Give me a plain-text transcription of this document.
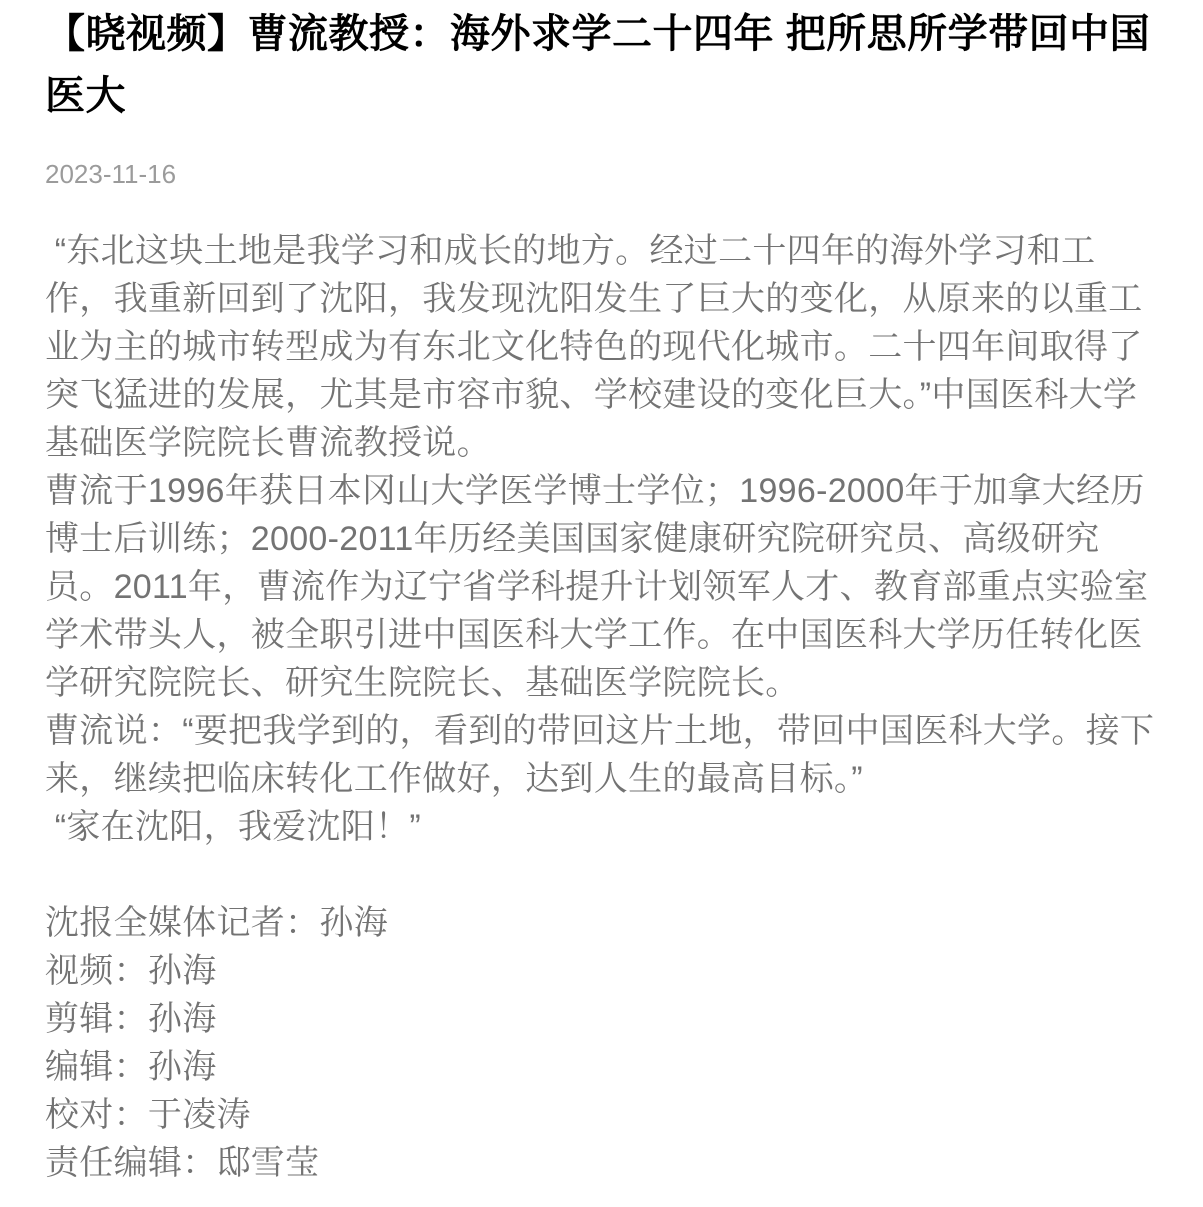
【晓视频】曹流教授：海外求学二十四年 把所思所学带回中国医大

2023-11-16

“东北这块土地是我学习和成长的地方。经过二十四年的海外学习和工作，我重新回到了沈阳，我发现沈阳发生了巨大的变化，从原来的以重工业为主的城市转型成为有东北文化特色的现代化城市。二十四年间取得了突飞猛进的发展，尤其是市容市貌、学校建设的变化巨大。”中国医科大学基础医学院院长曹流教授说。

曹流于1996年获日本冈山大学医学博士学位；1996-2000年于加拿大经历博士后训练；2000-2011年历经美国国家健康研究院研究员、高级研究员。2011年，曹流作为辽宁省学科提升计划领军人才、教育部重点实验室学术带头人，被全职引进中国医科大学工作。在中国医科大学历任转化医学研究院院长、研究生院院长、基础医学院院长。

曹流说：“要把我学到的，看到的带回这片土地，带回中国医科大学。接下来，继续把临床转化工作做好，达到人生的最高目标。”

“家在沈阳，我爱沈阳！”

沈报全媒体记者：孙海

视频：孙海

剪辑：孙海

编辑：孙海

校对：于凌涛

责任编辑：邸雪莹
